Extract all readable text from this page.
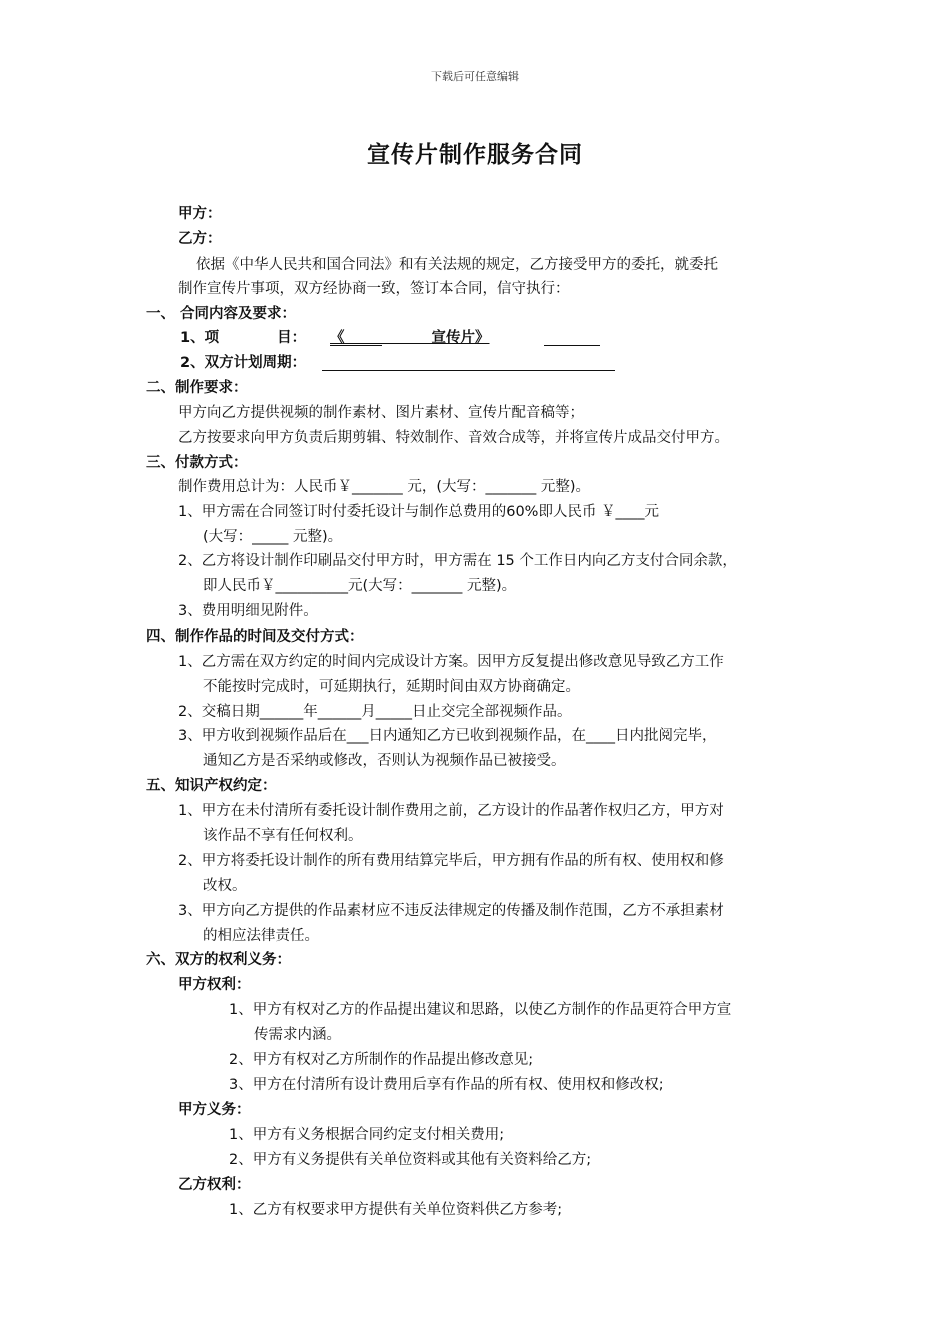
下载后可任意编辑
宣传片制作服务合同
甲方：
乙方：
依据《中华人民共和国合同法》和有关法规的规定，乙方接受甲方的委托，就委托
制作宣传片事项，双方经协商一致，签订本合同，信守执行：
一、 合同内容及要求：
1、项　　　　目： 《　　　　　　宣传片》
2、双方计划周期：
二、制作要求：
甲方向乙方提供视频的制作素材、图片素材、宣传片配音稿等；
乙方按要求向甲方负责后期剪辑、特效制作、音效合成等，并将宣传片成品交付甲方。
三、付款方式：
制作费用总计为：人民币￥_______ 元，(大写：_______ 元整)。
1、甲方需在合同签订时付委托设计与制作总费用的60%即人民币 ￥____元
(大写：_____ 元整)。
2、乙方将设计制作印刷品交付甲方时，甲方需在 15 个工作日内向乙方支付合同余款，
即人民币￥__________元(大写：_______ 元整)。
3、费用明细见附件。
四、制作作品的时间及交付方式：
1、乙方需在双方约定的时间内完成设计方案。因甲方反复提出修改意见导致乙方工作
不能按时完成时，可延期执行，延期时间由双方协商确定。
2、交稿日期______年______月_____日止交完全部视频作品。
3、甲方收到视频作品后在___日内通知乙方已收到视频作品，在____日内批阅完毕，
通知乙方是否采纳或修改，否则认为视频作品已被接受。
五、知识产权约定：
1、甲方在未付清所有委托设计制作费用之前，乙方设计的作品著作权归乙方，甲方对
该作品不享有任何权利。
2、甲方将委托设计制作的所有费用结算完毕后，甲方拥有作品的所有权、使用权和修
改权。
3、甲方向乙方提供的作品素材应不违反法律规定的传播及制作范围，乙方不承担素材
的相应法律责任。
六、双方的权利义务：
甲方权利：
1、甲方有权对乙方的作品提出建议和思路，以使乙方制作的作品更符合甲方宣
传需求内涵。
2、甲方有权对乙方所制作的作品提出修改意见;
3、甲方在付清所有设计费用后享有作品的所有权、使用权和修改权;
甲方义务：
1、甲方有义务根据合同约定支付相关费用;
2、甲方有义务提供有关单位资料或其他有关资料给乙方;
乙方权利：
1、乙方有权要求甲方提供有关单位资料供乙方参考;
